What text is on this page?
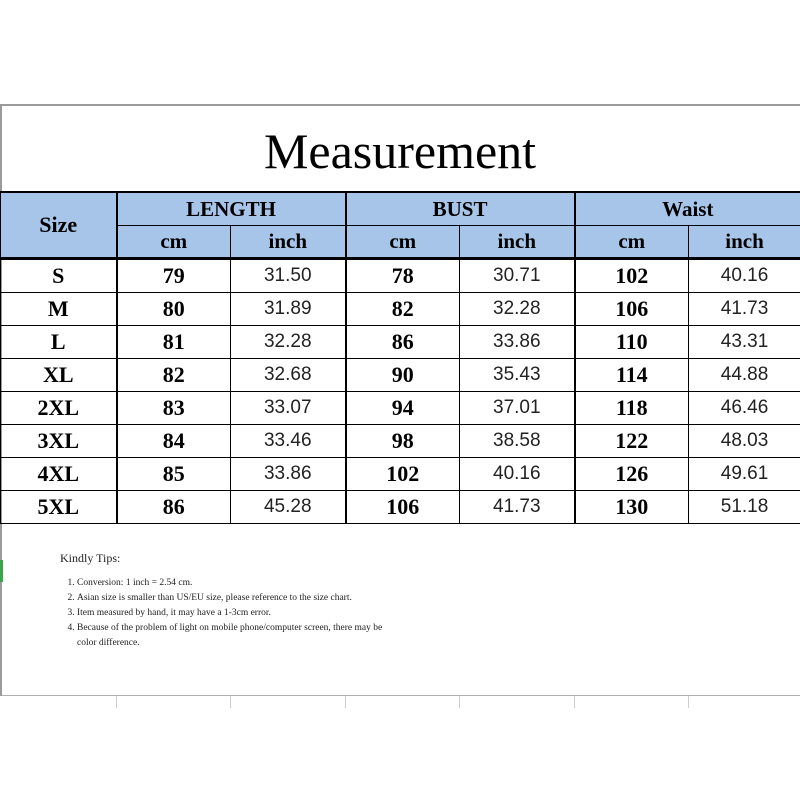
Measurement
Size	LENGTH		BUST		Waist	
	cm	inch	cm	inch	cm	inch
S	79	31.50	78	30.71	102	40.16
M	80	31.89	82	32.28	106	41.73
L	81	32.28	86	33.86	110	43.31
XL	82	32.68	90	35.43	114	44.88
2XL	83	33.07	94	37.01	118	46.46
3XL	84	33.46	98	38.58	122	48.03
4XL	85	33.86	102	40.16	126	49.61
5XL	86	45.28	106	41.73	130	51.18
Kindly Tips:
1. Conversion: 1 inch = 2.54 cm.
2. Asian size is smaller than US/EU size, please reference to the size chart.
3. Item measured by hand, it may have a 1-3cm error.
4. Because of the problem of light on mobile phone/computer screen, there may be
color difference.
